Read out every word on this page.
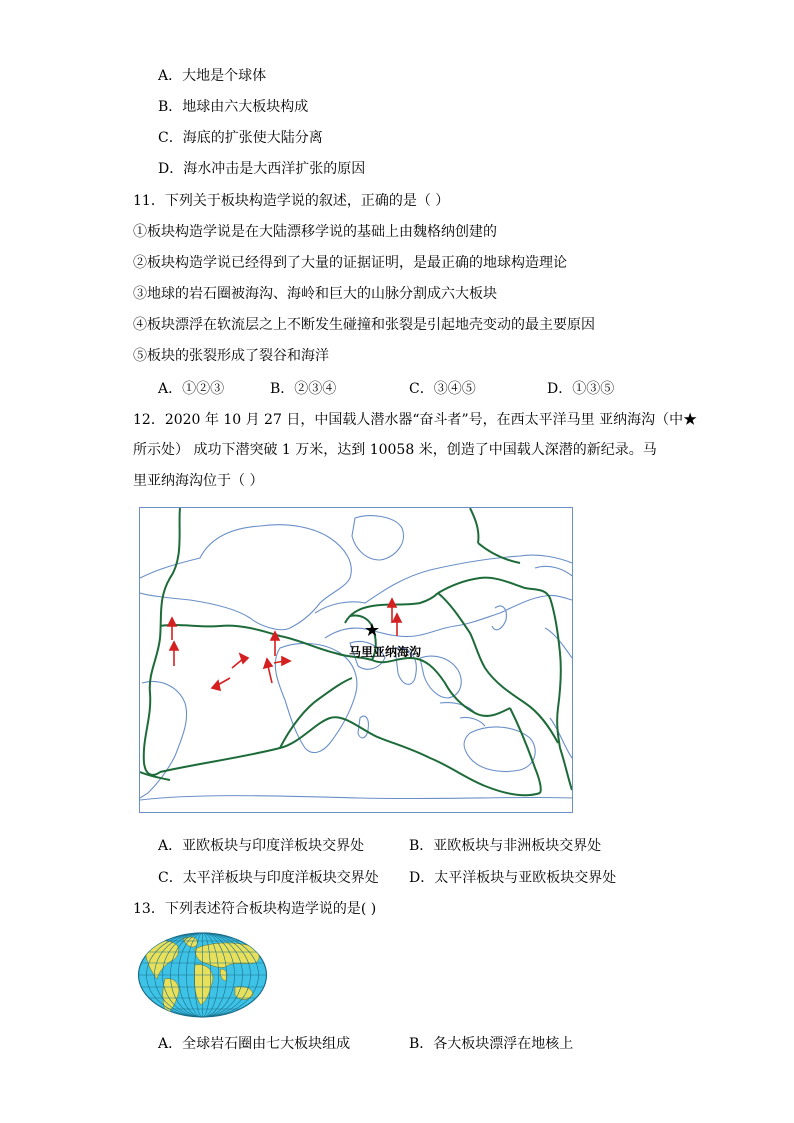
A．大地是个球体
B．地球由六大板块构成
C．海底的扩张使大陆分离
D．海水冲击是大西洋扩张的原因
11．下列关于板块构造学说的叙述，正确的是（ ）
①板块构造学说是在大陆漂移学说的基础上由魏格纳创建的
②板块构造学说已经得到了大量的证据证明，是最正确的地球构造理论
③地球的岩石圈被海沟、海岭和巨大的山脉分割成六大板块
④板块漂浮在软流层之上不断发生碰撞和张裂是引起地壳变动的最主要原因
⑤板块的张裂形成了裂谷和海洋
A．①②③	B．②③④	C．③④⑤	D．①③⑤
12．2020 年 10 月 27 日，中国载人潜水器“奋斗者”号，在西太平洋马里 亚纳海沟（中★
所示处） 成功下潜突破 1 万米，达到 10058 米，创造了中国载人深潜的新纪录。马
里亚纳海沟位于（ ）
★
马里亚纳海沟
A．亚欧板块与印度洋板块交界处	B．亚欧板块与非洲板块交界处
C．太平洋板块与印度洋板块交界处 D．太平洋板块与亚欧板块交界处
13．下列表述符合板块构造学说的是( )
A．全球岩石圈由七大板块组成	B．各大板块漂浮在地核上
